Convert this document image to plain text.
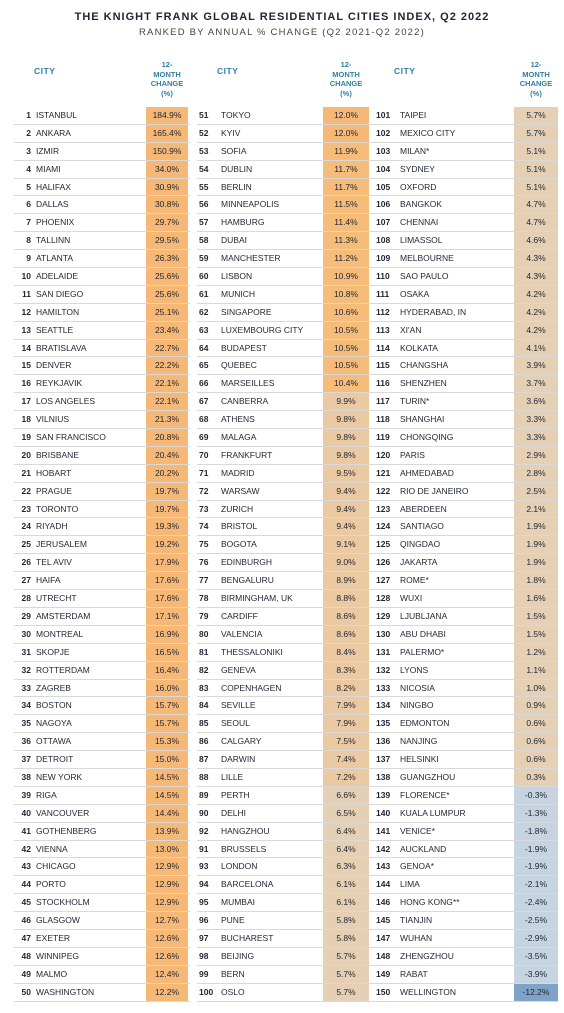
THE KNIGHT FRANK GLOBAL RESIDENTIAL CITIES INDEX, Q2 2022
RANKED BY ANNUAL % CHANGE (Q2 2021-Q2 2022)
CITY
12-
MONTH
CHANGE
(%)
1 ISTANBUL	184.9%
2 ANKARA	165.4%
3 IZMIR	150.9%
4 MIAMI	34.0%
5 HALIFAX	30.9%
6 DALLAS	30.8%
7 PHOENIX	29.7%
8 TALLINN	29.5%
9 ATLANTA	26.3%
10 ADELAIDE	25.6%
11 SAN DIEGO	25.6%
12 HAMILTON	25.1%
13 SEATTLE	23.4%
14 BRATISLAVA	22.7%
15 DENVER	22.2%
16 REYKJAVIK	22.1%
17 LOS ANGELES	22.1%
18 VILNIUS	21.3%
19 SAN FRANCISCO	20.8%
20 BRISBANE	20.4%
21 HOBART	20.2%
22 PRAGUE	19.7%
23 TORONTO	19.7%
24 RIYADH	19.3%
25 JERUSALEM	19.2%
26 TEL AVIV	17.9%
27 HAIFA	17.6%
28 UTRECHT	17.6%
29 AMSTERDAM	17.1%
30 MONTREAL	16.9%
31 SKOPJE	16.5%
32 ROTTERDAM	16.4%
33 ZAGREB	16.0%
34 BOSTON	15.7%
35 NAGOYA	15.7%
36 OTTAWA	15.3%
37 DETROIT	15.0%
38 NEW YORK	14.5%
39 RIGA	14.5%
40 VANCOUVER	14.4%
41 GOTHENBERG	13.9%
42 VIENNA	13.0%
43 CHICAGO	12.9%
44 PORTO	12.9%
45 STOCKHOLM	12.9%
46 GLASGOW	12.7%
47 EXETER	12.6%
48 WINNIPEG	12.6%
49 MALMO	12.4%
50 WASHINGTON	12.2%
CITY
12-
MONTH
CHANGE
(%)
51	TOKYO	12.0%
52	KYIV	12.0%
53	SOFIA	11.9%
54	DUBLIN	11.7%
55	BERLIN	11.7%
56	MINNEAPOLIS	11.5%
57	HAMBURG	11.4%
58	DUBAI	11.3%
59	MANCHESTER	11.2%
60	LISBON	10.9%
61	MUNICH	10.8%
62	SINGAPORE	10.6%
63	LUXEMBOURG CITY	10.5%
64	BUDAPEST	10.5%
65	QUEBEC	10.5%
66	MARSEILLES	10.4%
67	CANBERRA	9.9%
68	ATHENS	9.8%
69	MALAGA	9.8%
70	FRANKFURT	9.8%
71	MADRID	9.5%
72	WARSAW	9.4%
73	ZURICH	9.4%
74	BRISTOL	9.4%
75	BOGOTA	9.1%
76	EDINBURGH	9.0%
77	BENGALURU	8.9%
78	BIRMINGHAM, UK	8.8%
79	CARDIFF	8.6%
80	VALENCIA	8.6%
81	THESSALONIKI	8.4%
82	GENEVA	8.3%
83	COPENHAGEN	8.2%
84	SEVILLE	7.9%
85	SEOUL	7.9%
86	CALGARY	7.5%
87	DARWIN	7.4%
88	LILLE	7.2%
89	PERTH	6.6%
90	DELHI	6.5%
92	HANGZHOU	6.4%
91	BRUSSELS	6.4%
93	LONDON	6.3%
94	BARCELONA	6.1%
95	MUMBAI	6.1%
96	PUNE	5.8%
97	BUCHAREST	5.8%
98	BEIJING	5.7%
99	BERN	5.7%
100 OSLO	5.7%
CITY
12-
MONTH
CHANGE
(%)
101	TAIPEI	5.7%
102	MEXICO CITY	5.7%
103	MILAN*	5.1%
104	SYDNEY	5.1%
105	OXFORD	5.1%
106	BANGKOK	4.7%
107	CHENNAI	4.7%
108	LIMASSOL	4.6%
109	MELBOURNE	4.3%
110	SAO PAULO	4.3%
111	OSAKA	4.2%
112	HYDERABAD, IN	4.2%
113	XI'AN	4.2%
114	KOLKATA	4.1%
115	CHANGSHA	3.9%
116	SHENZHEN	3.7%
117	TURIN*	3.6%
118	SHANGHAI	3.3%
119	CHONGQING	3.3%
120	PARIS	2.9%
121	AHMEDABAD	2.8%
122	RIO DE JANEIRO	2.5%
123	ABERDEEN	2.1%
124	SANTIAGO	1.9%
125	QINGDAO	1.9%
126	JAKARTA	1.9%
127	ROME*	1.8%
128	WUXI	1.6%
129	LJUBLJANA	1.5%
130	ABU DHABI	1.5%
131	PALERMO*	1.2%
132	LYONS	1.1%
133	NICOSIA	1.0%
134	NINGBO	0.9%
135	EDMONTON	0.6%
136	NANJING	0.6%
137	HELSINKI	0.6%
138	GUANGZHOU	0.3%
139	FLORENCE*	-0.3%
140	KUALA LUMPUR	-1.3%
141	VENICE*	-1.8%
142	AUCKLAND	-1.9%
143	GENOA*	-1.9%
144	LIMA	-2.1%
146	HONG KONG**	-2.4%
145	TIANJIN	-2.5%
147	WUHAN	-2.9%
148	ZHENGZHOU	-3.5%
149	RABAT	-3.9%
150	WELLINGTON	-12.2%
